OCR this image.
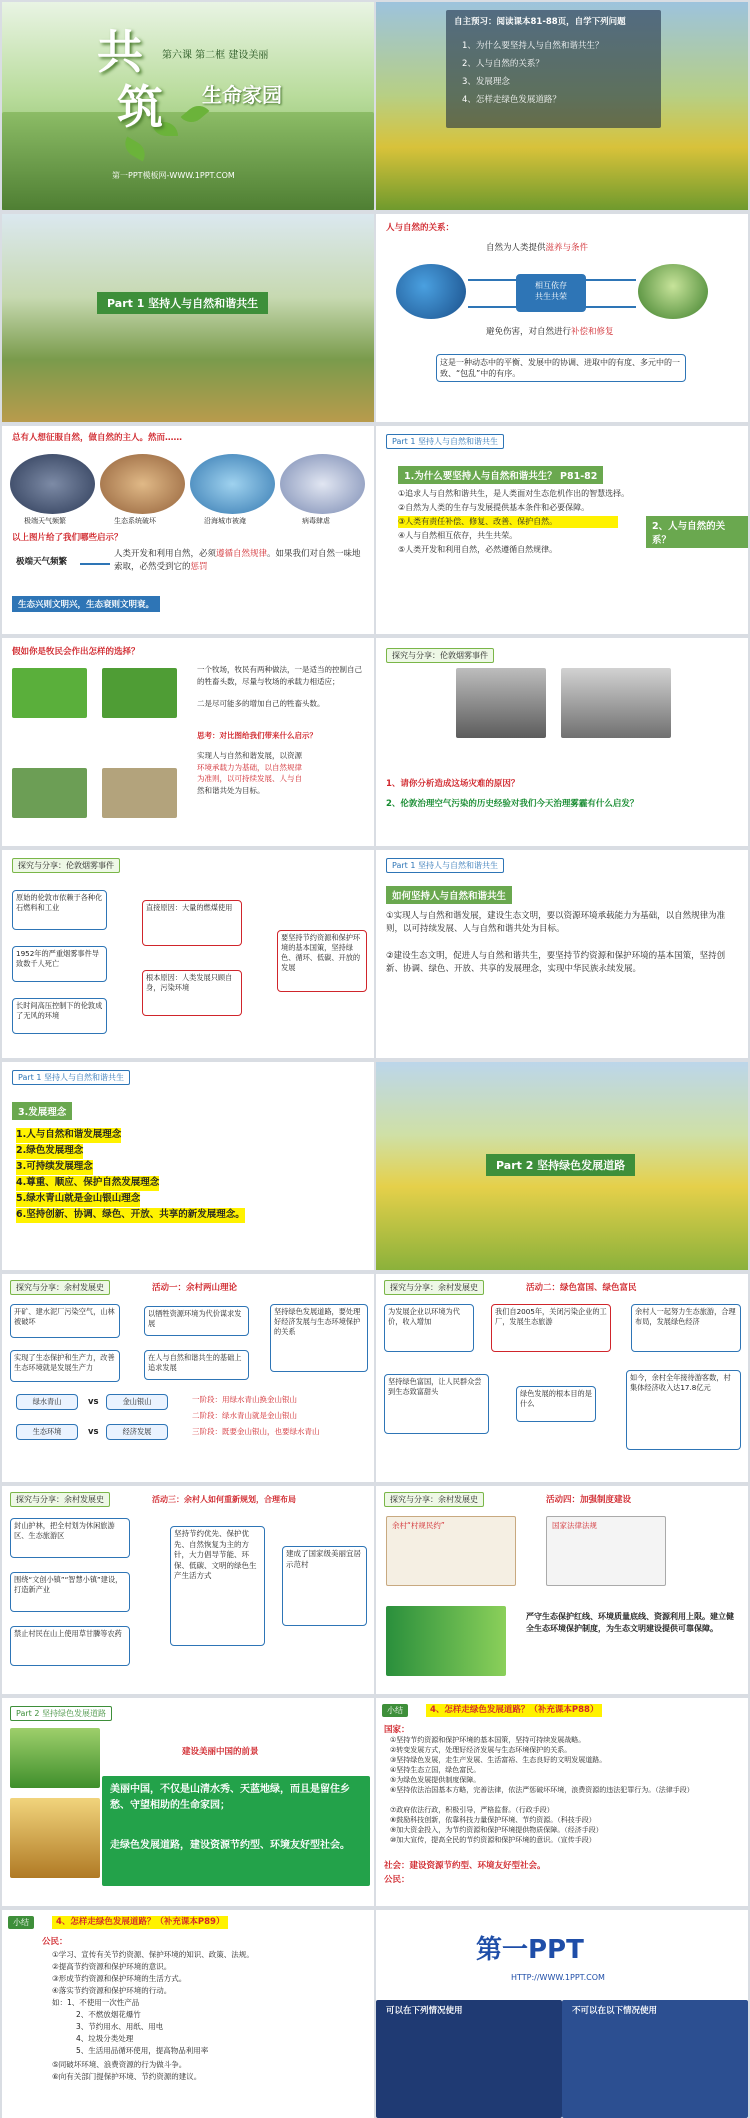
共
筑
第六课 第二框 建设美丽
生命家园
第一PPT模板网-WWW.1PPT.COM
自主预习：阅读课本81-88页，自学下列问题
1、为什么要坚持人与自然和谐共生？
2、人与自然的关系？
3、发展理念
4、怎样走绿色发展道路？
Part 1 坚持人与自然和谐共生
人与自然的关系：
自然为人类提供滋养与条件
相互依存
共生共荣
避免伤害，对自然进行补偿和修复
这是一种动态中的平衡、发展中的协调、进取中的有度、多元中的一致、“包乱”中的有序。
总有人想征服自然，做自然的主人。然而……
极端天气频繁	生态系统破坏	沿海城市被淹	病毒肆虐
以上图片给了我们哪些启示？
极端天气频繁
人类开发和利用自然，必须遵循自然规律。如果我们对自然一味地索取，必然受到它的惩罚
生态兴则文明兴，生态衰则文明衰。
Part 1 坚持人与自然和谐共生
1.为什么要坚持人与自然和谐共生？ P81-82
①追求人与自然和谐共生，是人类面对生态危机作出的智慧选择。
②自然为人类的生存与发展提供基本条件和必要保障。
③人类有责任补偿、修复、改善、保护自然。
④人与自然相互依存，共生共荣。
⑤人类开发和利用自然，必然遵循自然规律。
2、人与自然的关系？
假如你是牧民会作出怎样的选择？
一个牧场，牧民有两种做法，一是适当的控制自己的牲畜头数，尽量与牧场的承载力相适应；
二是尽可能多的增加自己的牲畜头数。
思考：对比图给我们带来什么启示？
实现人与自然和谐发展，以资源
环境承载力为基础，以自然规律
为准则，以可持续发展、人与自
然和谐共处为目标。
探究与分享：伦敦烟雾事件
1、请你分析造成这场灾难的原因？
2、伦敦治理空气污染的历史经验对我们今天治理雾霾有什么启发？
探究与分享：伦敦烟雾事件
原始的伦敦市依赖于各种化石燃料和工业
1952年的严重烟雾事件导致数千人死亡
长时间高压控制下的伦敦成了无风的环境
直接原因：大量的燃煤使用
根本原因：人类发展只顾自身，污染环境
要坚持节约资源和保护环境的基本国策，坚持绿色、循环、低碳、开放的发展
Part 1 坚持人与自然和谐共生
如何坚持人与自然和谐共生
①实现人与自然和谐发展，建设生态文明，要以资源环境承载能力为基础，以自然规律为准则，以可持续发展、人与自然和谐共处为目标。
②建设生态文明，促进人与自然和谐共生，要坚持节约资源和保护环境的基本国策，坚持创新、协调、绿色、开放、共享的发展理念，实现中华民族永续发展。
Part 1 坚持人与自然和谐共生
3.发展理念
1.人与自然和谐发展理念
2.绿色发展理念
3.可持续发展理念
4.尊重、顺应、保护自然发展理念
5.绿水青山就是金山银山理念
6.坚持创新、协调、绿色、开放、共享的新发展理念。
Part 2 坚持绿色发展道路
探究与分享：余村发展史	活动一：余村两山理论
开矿、建水泥厂污染空气，山林被破坏
以牺牲资源环境为代价谋求发展
坚持绿色发展道路，要处理好经济发展与生态环境保护的关系
在人与自然和谐共生的基础上追求发展
实现了生态保护和生产力，改善生态环境就是发展生产力
绿水青山	vs	金山银山
生态环境	vs	经济发展
一阶段：用绿水青山换金山银山
二阶段：绿水青山就是金山银山
三阶段：既要金山银山，也要绿水青山
探究与分享：余村发展史	活动二：绿色富国、绿色富民
为发展企业以环境为代价，收入增加
我们自2005年，关闭污染企业的工厂，发展生态旅游
余村人一起努力生态旅游，合理布局，发展绿色经济
坚持绿色富国，让人民群众尝到生态致富甜头	绿色发展的根本目的是什么
如今，余村全年接待游客数，村集体经济收入达17.8亿元
探究与分享：余村发展史	活动三：余村人如何重新规划，合理布局
封山护林，把全村划为休闲旅游区、生态旅游区
围绕“文创小镇”“智慧小镇”建设，打造新产业
禁止村民在山上使用草甘膦等农药
坚持节约优先、保护优先、自然恢复为主的方针，大力倡导节能、环保、低碳、文明的绿色生产生活方式
建成了国家级美丽宜居示范村
探究与分享：余村发展史	活动四：加强制度建设
余村“村规民约”	国家法律法规
严守生态保护红线、环境质量底线、资源利用上限。建立健全生态环境保护制度，为生态文明建设提供可靠保障。
Part 2 坚持绿色发展道路
建设美丽中国的前景
美丽中国，不仅是山清水秀、天蓝地绿，而且是留住乡愁、守望相助的生命家园；
走绿色发展道路，建设资源节约型、环境友好型社会。
小结	4、怎样走绿色发展道路？（补充课本P88）
国家：
①坚持节约资源和保护环境的基本国策，坚持可持续发展战略。
②转变发展方式，处理好经济发展与生态环境保护的关系。
③坚持绿色发展，走生产发展、生活富裕、生态良好的文明发展道路。
④坚持生态立国，绿色富民。
⑤为绿色发展提供制度保障。
⑥坚持依法治国基本方略，完善法律，依法严惩破坏环境，浪费资源的违法犯罪行为。（法律手段）
⑦政府依法行政，积极引导，严格监督。（行政手段）
⑧鼓励科技创新，依靠科技力量保护环境、节约资源。（科技手段）
⑨加大资金投入，为节约资源和保护环境提供物质保障。（经济手段）
⑩加大宣传，提高全民的节约资源和保护环境的意识。（宣传手段）
社会：建设资源节约型、环境友好型社会。
公民：
小结	4、怎样走绿色发展道路？（补充课本P89）
公民：
①学习、宣传有关节约资源、保护环境的知识、政策、法规。
②提高节约资源和保护环境的意识。
③形成节约资源和保护环境的生活方式。
④落实节约资源和保护环境的行动。
如：1、不使用一次性产品
2、不燃放烟花爆竹
3、节约用水、用纸、用电
4、垃圾分类处理
5、生活用品循环使用，提高物品利用率
⑤同破坏环境、浪费资源的行为做斗争。
⑥向有关部门提保护环境、节约资源的建议。
第一PPT
HTTP://WWW.1PPT.COM
可以在下列情况使用	不可以在以下情况使用
